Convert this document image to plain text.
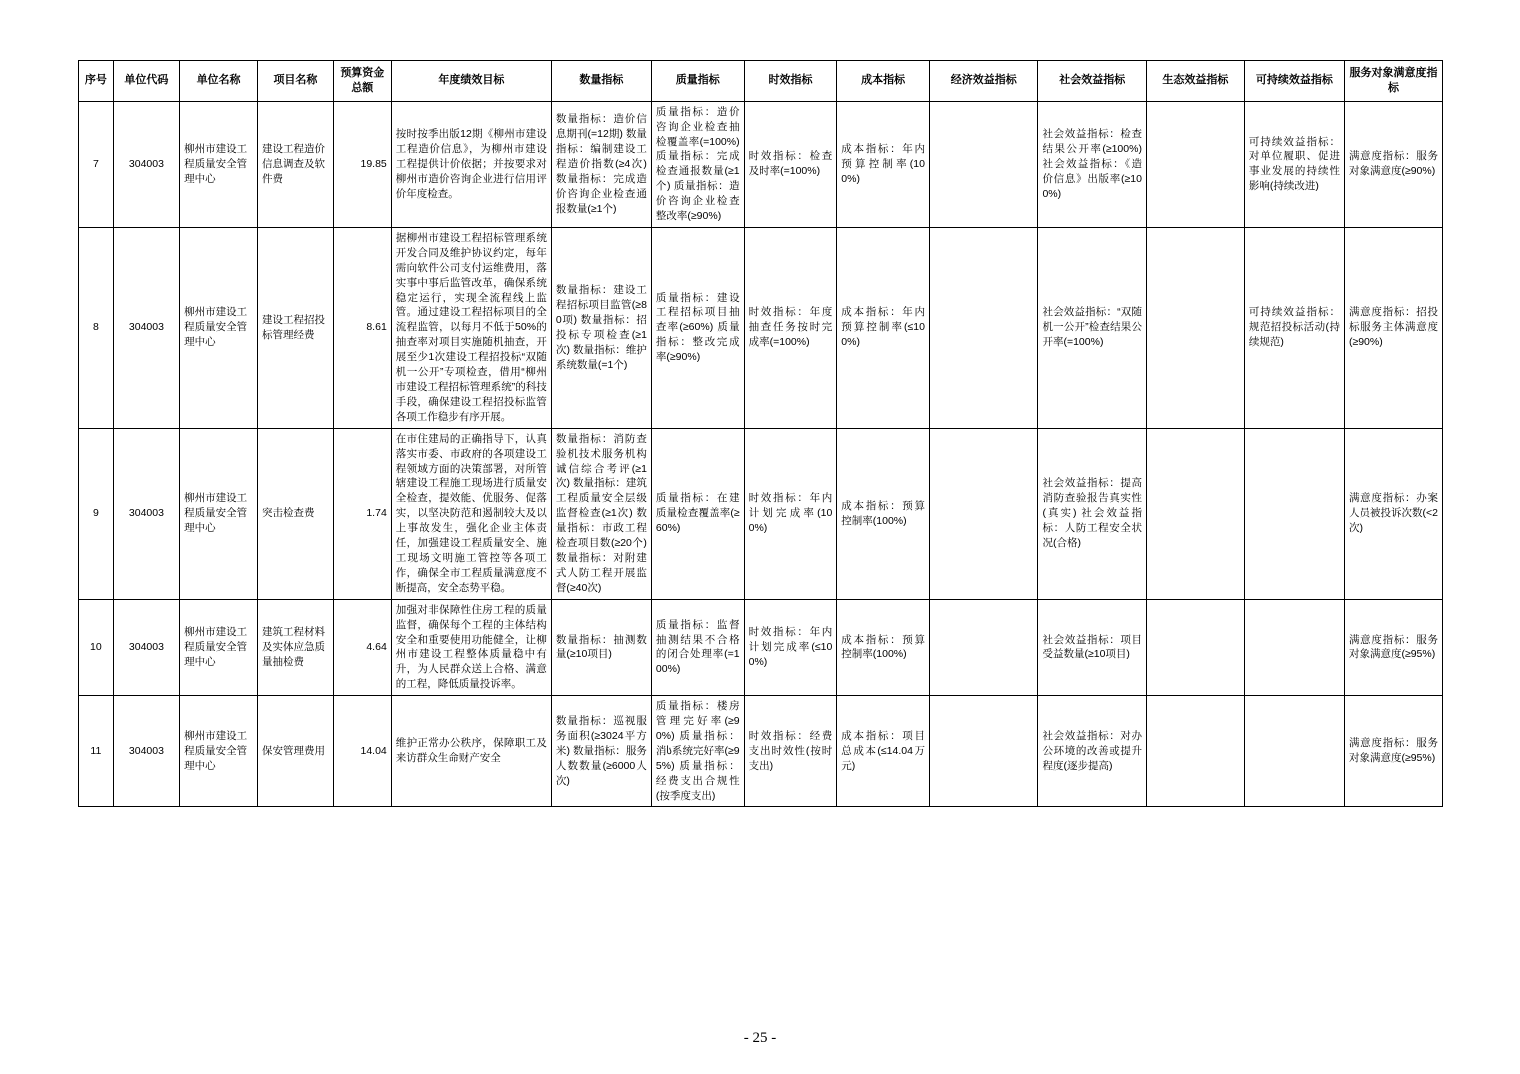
序号	单位代码	单位名称	项目名称	预算资金总额	年度绩效目标	数量指标	质量指标	时效指标	成本指标	经济效益指标	社会效益指标	生态效益指标	可持续效益指标	服务对象满意度指标
7	304003	柳州市建设工程质量安全管理中心	建设工程造价信息调查及软件费	19.85	按时按季出版12期《柳州市建设工程造价信息》，为柳州市建设工程提供计价依据；并按要求对柳州市造价咨询企业进行信用评价年度检查。	数量指标：造价信息期刊(=12期) 数量指标：编制建设工程造价指数(≥4次) 数量指标：完成造价咨询企业检查通报数量(≥1个)	质量指标：造价咨询企业检查抽检覆盖率(=100%) 质量指标：完成检查通报数量(≥1个) 质量指标：造价咨询企业检查整改率(≥90%)	时效指标：检查及时率(=100%)	成本指标：年内预算控制率(100%)		社会效益指标：检查结果公开率(≥100%) 社会效益指标：《造价信息》出版率(≥100%)		可持续效益指标：对单位履职、促进事业发展的持续性影响(持续改进)	满意度指标：服务对象满意度(≥90%)
8	304003	柳州市建设工程质量安全管理中心	建设工程招投标管理经费	8.61	据柳州市建设工程招标管理系统开发合同及维护协议约定，每年需向软件公司支付运维费用，落实事中事后监管改革，确保系统稳定运行，实现全流程线上监管。通过建设工程招标项目的全流程监管，以每月不低于50%的抽查率对项目实施随机抽查，开展至少1次建设工程招投标“双随机一公开”专项检查，借用“柳州市建设工程招标管理系统”的科技手段，确保建设工程招投标监管各项工作稳步有序开展。	数量指标：建设工程招标项目监管(≥80项) 数量指标：招投标专项检查(≥1次) 数量指标：维护系统数量(=1个)	质量指标：建设工程招标项目抽查率(≥60%) 质量指标：整改完成率(≥90%)	时效指标：年度抽查任务按时完成率(=100%)	成本指标：年内预算控制率(≤100%)		社会效益指标：“双随机一公开”检查结果公开率(=100%)		可持续效益指标：规范招投标活动(持续规范)	满意度指标：招投标服务主体满意度(≥90%)
9	304003	柳州市建设工程质量安全管理中心	突击检查费	1.74	在市住建局的正确指导下，认真落实市委、市政府的各项建设工程领域方面的决策部署，对所管辖建设工程施工现场进行质量安全检查，提效能、优服务、促落实，以坚决防范和遏制较大及以上事故发生，强化企业主体责任，加强建设工程质量安全、施工现场文明施工管控等各项工作，确保全市工程质量满意度不断提高，安全态势平稳。	数量指标：消防查验机技术服务机构诚信综合考评(≥1次) 数量指标：建筑工程质量安全层级监督检查(≥1次) 数量指标：市政工程检查项目数(≥20个) 数量指标：对附建式人防工程开展监督(≥40次)	质量指标：在建质量检查覆盖率(≥60%)	时效指标：年内计划完成率(100%)	成本指标：预算控制率(100%)		社会效益指标：提高消防查验报告真实性(真实) 社会效益指标：人防工程安全状况(合格)			满意度指标：办案人员被投诉次数(<2次)
10	304003	柳州市建设工程质量安全管理中心	建筑工程材料及实体应急质量抽检费	4.64	加强对非保障性住房工程的质量监督，确保每个工程的主体结构安全和重要使用功能健全，让柳州市建设工程整体质量稳中有升，为人民群众送上合格、满意的工程，降低质量投诉率。	数量指标：抽测数量(≥10项目)	质量指标：监督抽测结果不合格的闭合处理率(=100%)	时效指标：年内计划完成率(≤100%)	成本指标：预算控制率(100%)		社会效益指标：项目受益数量(≥10项目)			满意度指标：服务对象满意度(≥95%)
11	304003	柳州市建设工程质量安全管理中心	保安管理费用	14.04	维护正常办公秩序，保障职工及来访群众生命财产安全	数量指标：巡视服务面积(≥3024平方米) 数量指标：服务人数数量(≥6000人次)	质量指标：楼房管理完好率(≥90%) 质量指标：消ს系统完好率(≥95%) 质量指标：经费支出合规性(按季度支出)	时效指标：经费支出时效性(按时支出)	成本指标：项目总成本(≤14.04万元)		社会效益指标：对办公环境的改善或提升程度(逐步提高)			满意度指标：服务对象满意度(≥95%)
- 25 -
